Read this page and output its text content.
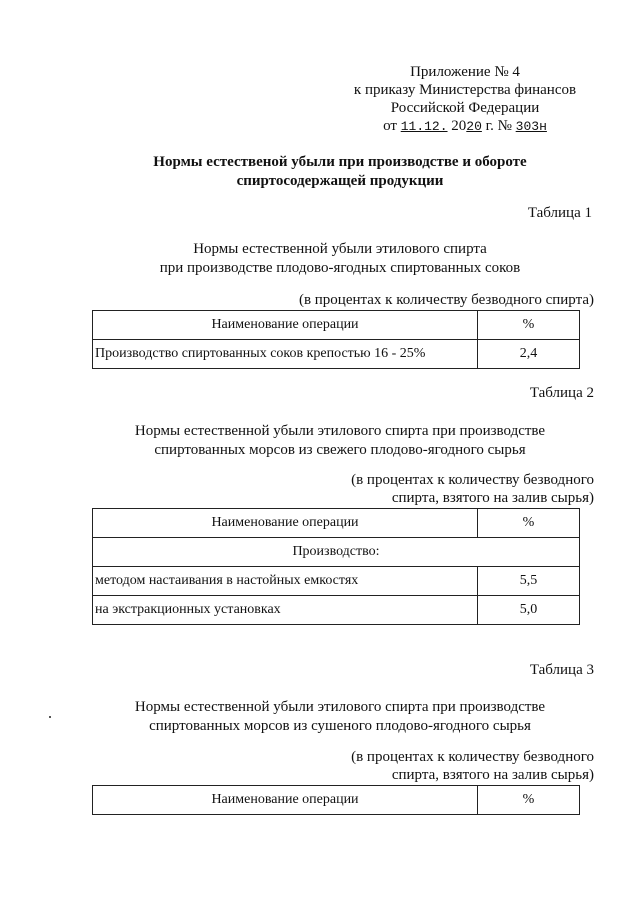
Приложение № 4
к приказу Министерства финансов
Российской Федерации
от 11.12. 2020 г. № 303н
Нормы естественой убыли при производстве и обороте
спиртосодержащей продукции
Таблица 1
Нормы естественной убыли этилового спирта
при производстве плодово-ягодных спиртованных соков
(в процентах к количеству безводного спирта)
Наименование операции	%
Производство спиртованных соков крепостью 16 - 25%	2,4
Таблица 2
Нормы естественной убыли этилового спирта при производстве
спиртованных морсов из свежего плодово-ягодного сырья
(в процентах к количеству безводного
спирта, взятого на залив сырья)
Наименование операции	%
Производство:	
методом настаивания в настойных емкостях	5,5
на экстракционных установках	5,0
Таблица 3
Нормы естественной убыли этилового спирта при производстве
спиртованных морсов из сушеного плодово-ягодного сырья
(в процентах к количеству безводного
спирта, взятого на залив сырья)
Наименование операции	%
